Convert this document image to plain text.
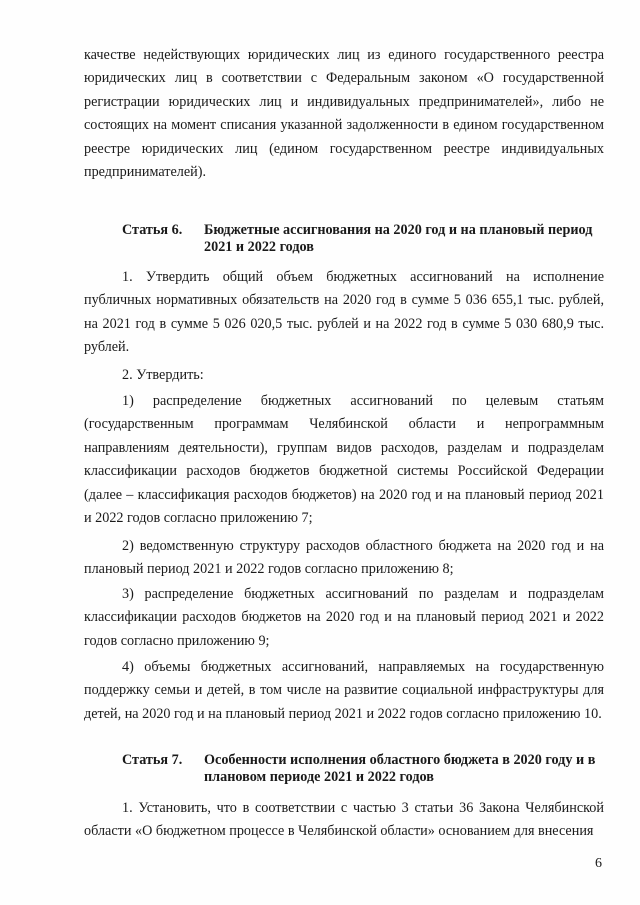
качестве недействующих юридических лиц из единого государственного реестра юридических лиц в соответствии с Федеральным законом «О государственной регистрации юридических лиц и индивидуальных предпринимателей», либо не состоящих на момент списания указанной задолженности в едином государственном реестре юридических лиц (едином государственном реестре индивидуальных предпринимателей).

Статья 6.	Бюджетные ассигнования на 2020 год и на плановый период 2021 и 2022 годов

1. Утвердить общий объем бюджетных ассигнований на исполнение публичных нормативных обязательств на 2020 год в сумме 5 036 655,1 тыс. рублей, на 2021 год в сумме 5 026 020,5 тыс. рублей и на 2022 год в сумме 5 030 680,9 тыс. рублей.

2. Утвердить:

1) распределение бюджетных ассигнований по целевым статьям (государственным программам Челябинской области и непрограммным направлениям деятельности), группам видов расходов, разделам и подразделам классификации расходов бюджетов бюджетной системы Российской Федерации (далее – классификация расходов бюджетов) на 2020 год и на плановый период 2021 и 2022 годов согласно приложению 7;

2) ведомственную структуру расходов областного бюджета на 2020 год и на плановый период 2021 и 2022 годов согласно приложению 8;

3) распределение бюджетных ассигнований по разделам и подразделам классификации расходов бюджетов на 2020 год и на плановый период 2021 и 2022 годов согласно приложению 9;

4) объемы бюджетных ассигнований, направляемых на государственную поддержку семьи и детей, в том числе на развитие социальной инфраструктуры для детей, на 2020 год и на плановый период 2021 и 2022 годов согласно приложению 10.

Статья 7.	Особенности исполнения областного бюджета в 2020 году и в плановом периоде 2021 и 2022 годов

1. Установить, что в соответствии с частью 3 статьи 36 Закона Челябинской области «О бюджетном процессе в Челябинской области» основанием для внесения

6
